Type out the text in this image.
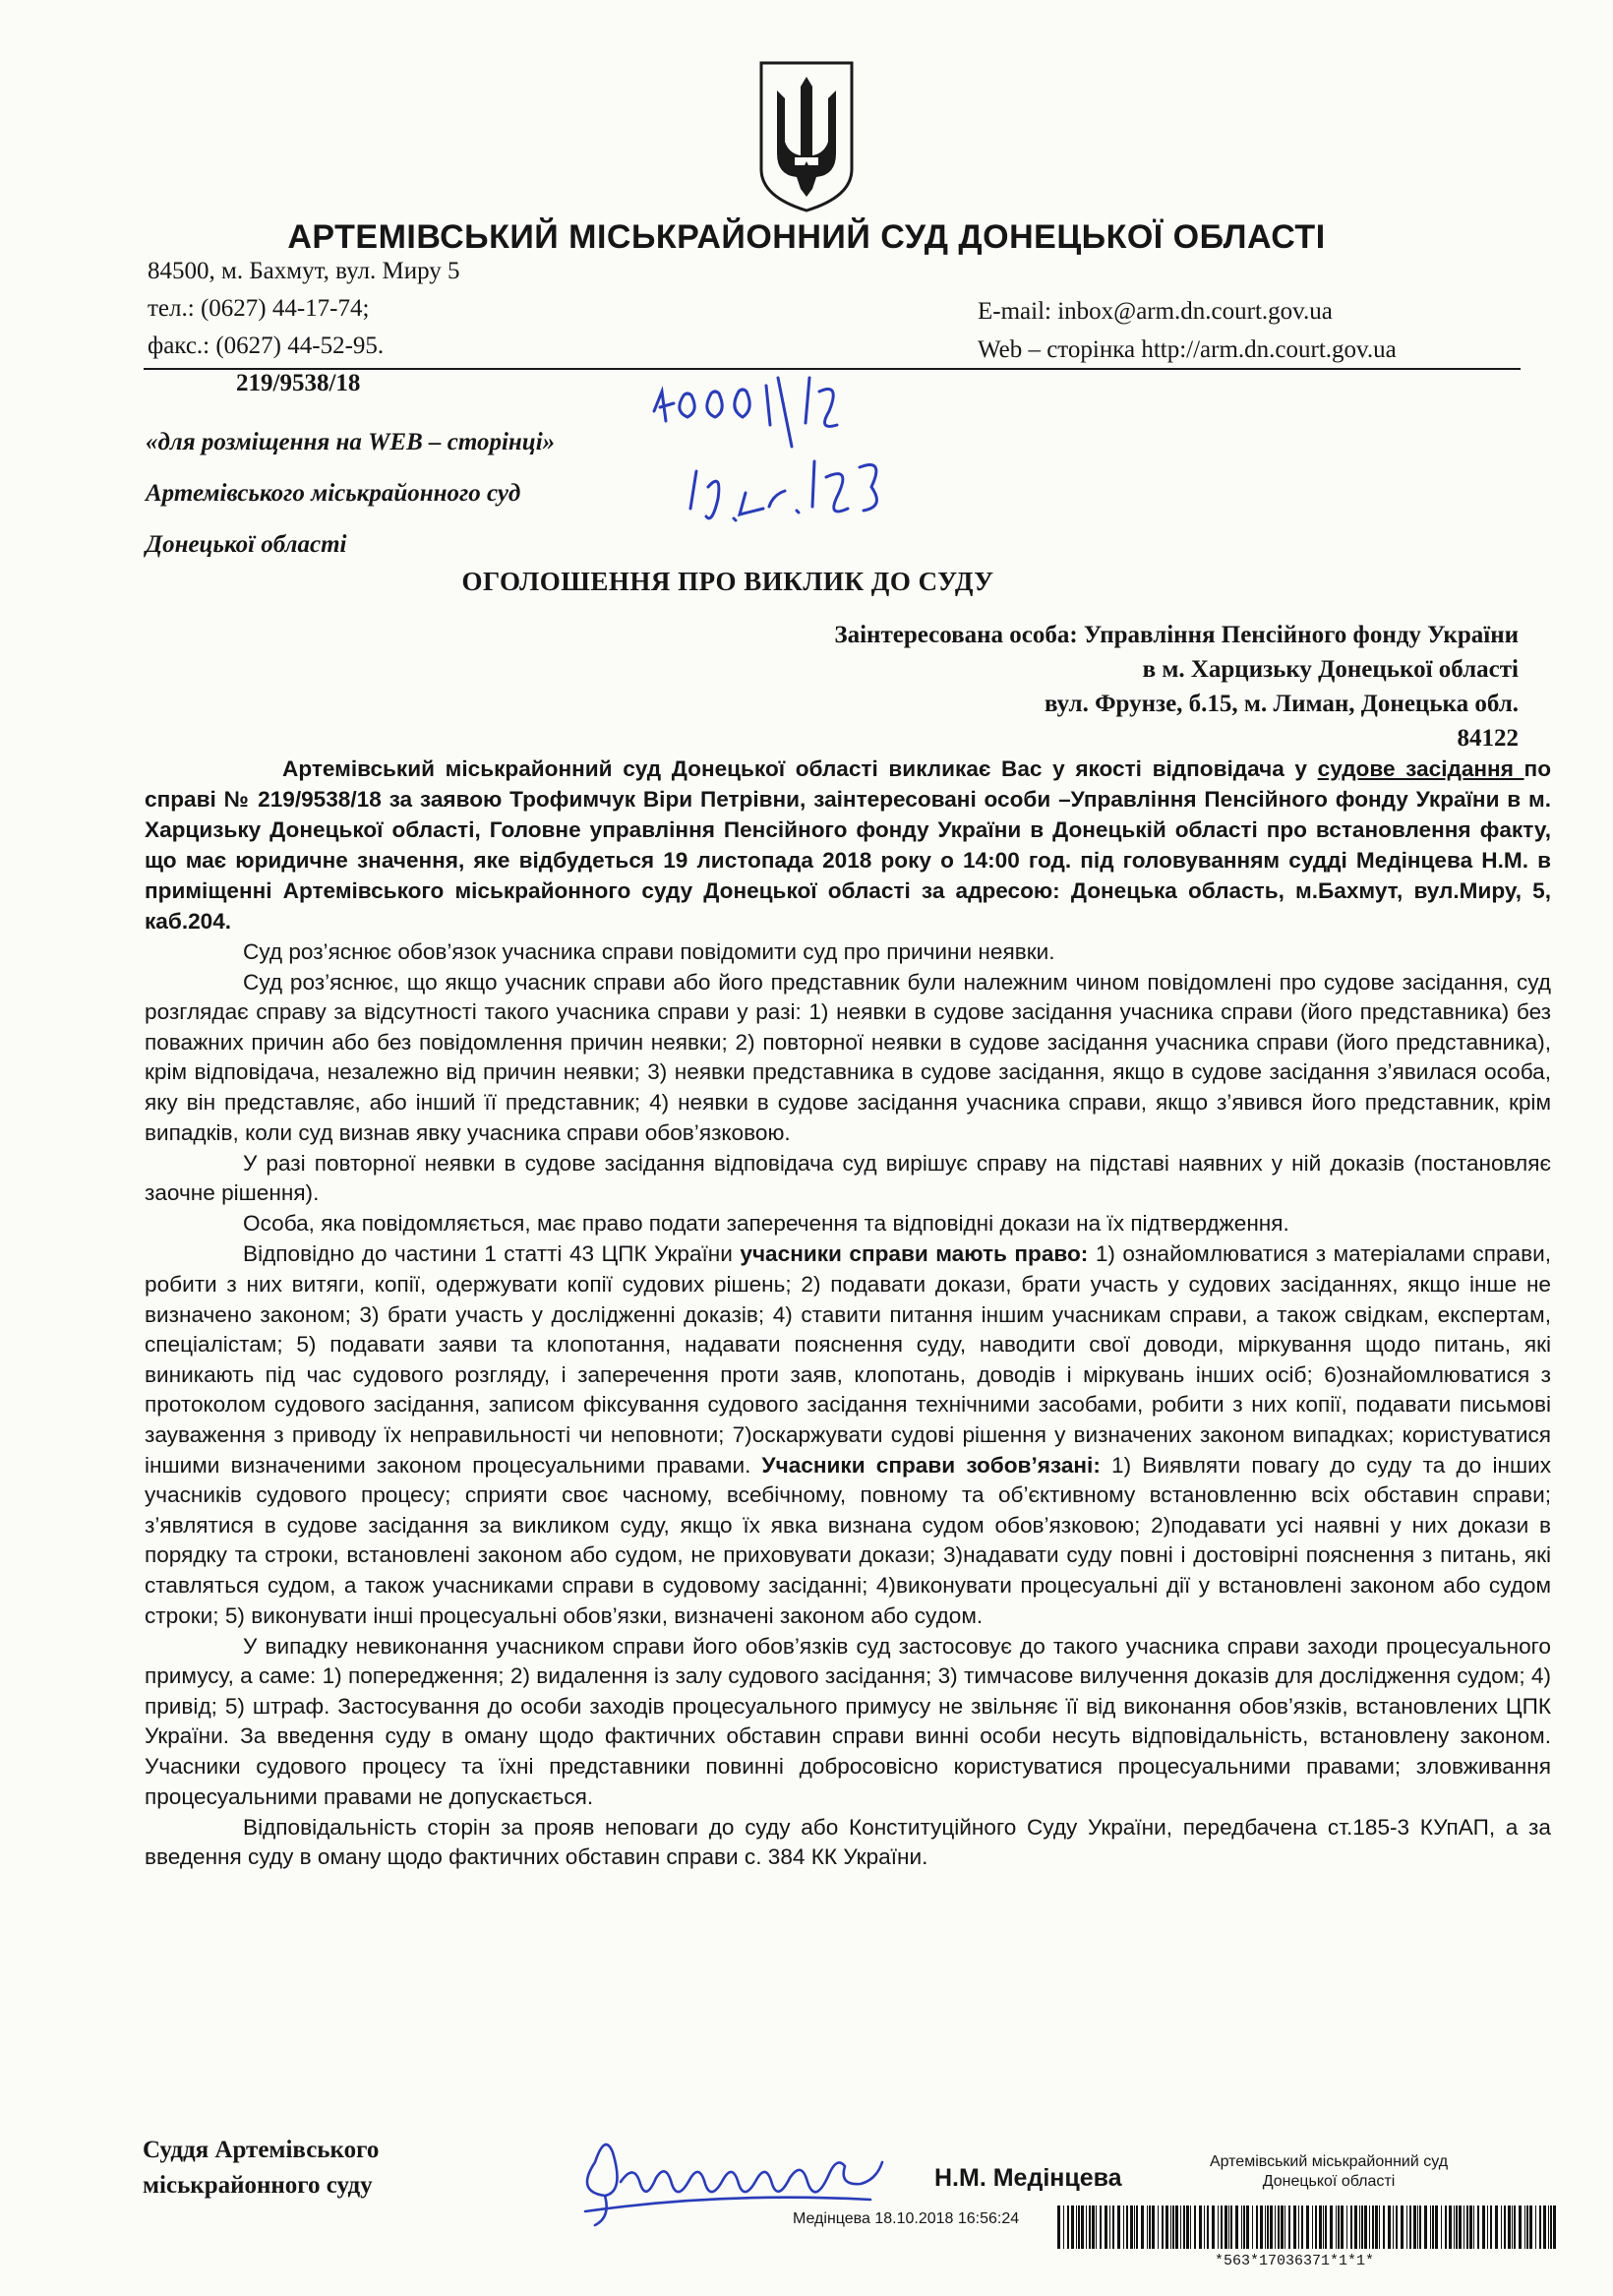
АРТЕМІВСЬКИЙ МІСЬКРАЙОННИЙ СУД ДОНЕЦЬКОЇ ОБЛАСТІ
84500, м. Бахмут, вул. Миру 5
тел.: (0627) 44-17-74;
факс.: (0627) 44-52-95.
E-mail: inbox@arm.dn.court.gov.ua
Web – сторінка http://arm.dn.court.gov.ua
219/9538/18
«для розміщення на WEB – сторінці»
Артемівського міськрайонного суд
Донецької області
ОГОЛОШЕННЯ ПРО ВИКЛИК ДО СУДУ
Заінтересована особа: Управління Пенсійного фонду України
в м. Харцизьку Донецької області
вул. Фрунзе, б.15, м. Лиман, Донецька обл.
84122

Артемівський міськрайонний суд Донецької області викликає Вас у якості відповідача у судове засідання по справі № 219/9538/18 за заявою Трофимчук Віри Петрівни, заінтересовані особи –Управління Пенсійного фонду України в м. Харцизьку Донецької області, Головне управління Пенсійного фонду України в Донецькій області про встановлення факту, що має юридичне значення, яке відбудеться 19 листопада 2018 року о 14:00 год. під головуванням судді Медінцева Н.М. в приміщенні Артемівського міськрайонного суду Донецької області за адресою: Донецька область, м.Бахмут, вул.Миру, 5, каб.204.

Суд роз’яснює обов’язок учасника справи повідомити суд про причини неявки.

Суд роз’яснює, що якщо учасник справи або його представник були належним чином повідомлені про судове засідання, суд розглядає справу за відсутності такого учасника справи у разі: 1) неявки в судове засідання учасника справи (його представника) без поважних причин або без повідомлення причин неявки; 2) повторної неявки в судове засідання учасника справи (його представника), крім відповідача, незалежно від причин неявки; 3) неявки представника в судове засідання, якщо в судове засідання з’явилася особа, яку він представляє, або інший її представник; 4) неявки в судове засідання учасника справи, якщо з’явився його представник, крім випадків, коли суд визнав явку учасника справи обов’язковою.

У разі повторної неявки в судове засідання відповідача суд вирішує справу на підставі наявних у ній доказів (постановляє заочне рішення).

Особа, яка повідомляється, має право подати заперечення та відповідні докази на їх підтвердження.

Відповідно до частини 1 статті 43 ЦПК України учасники справи мають право: 1) ознайомлюватися з матеріалами справи, робити з них витяги, копії, одержувати копії судових рішень; 2) подавати докази, брати участь у судових засіданнях, якщо інше не визначено законом; 3) брати участь у дослідженні доказів; 4) ставити питання іншим учасникам справи, а також свідкам, експертам, спеціалістам; 5) подавати заяви та клопотання, надавати пояснення суду, наводити свої доводи, міркування щодо питань, які виникають під час судового розгляду, і заперечення проти заяв, клопотань, доводів і міркувань інших осіб; 6)ознайомлюватися з протоколом судового засідання, записом фіксування судового засідання технічними засобами, робити з них копії, подавати письмові зауваження з приводу їх неправильності чи неповноти; 7)оскаржувати судові рішення у визначених законом випадках; користуватися іншими визначеними законом процесуальними правами. Учасники справи зобов’язані: 1) Виявляти повагу до суду та до інших учасників судового процесу; сприяти своє часному, всебічному, повному та об’єктивному встановленню всіх обставин справи; з’являтися в судове засідання за викликом суду, якщо їх явка визнана судом обов’язковою; 2)подавати усі наявні у них докази в порядку та строки, встановлені законом або судом, не приховувати докази; 3)надавати суду повні і достовірні пояснення з питань, які ставляться судом, а також учасниками справи в судовому засіданні; 4)виконувати процесуальні дії у встановлені законом або судом строки; 5) виконувати інші процесуальні обов’язки, визначені законом або судом.

У випадку невиконання учасником справи його обов’язків суд застосовує до такого учасника справи заходи процесуального примусу, а саме: 1) попередження; 2) видалення із залу судового засідання; 3) тимчасове вилучення доказів для дослідження судом; 4) привід; 5) штраф. Застосування до особи заходів процесуального примусу не звільняє її від виконання обов’язків, встановлених ЦПК України. За введення суду в оману щодо фактичних обставин справи винні особи несуть відповідальність, встановлену законом. Учасники судового процесу та їхні представники повинні добросовісно користуватися процесуальними правами; зловживання процесуальними правами не допускається.

Відповідальність сторін за прояв неповаги до суду або Конституційного Суду України, передбачена ст.185-3 КУпАП, а за введення суду в оману щодо фактичних обставин справи с. 384 КК України.

Суддя Артемівського
міськрайонного суду	Н.М. Медінцева
Артемівський міськрайонний суд
Донецької області
Медінцева 18.10.2018 16:56:24
*563*17036371*1*1*
